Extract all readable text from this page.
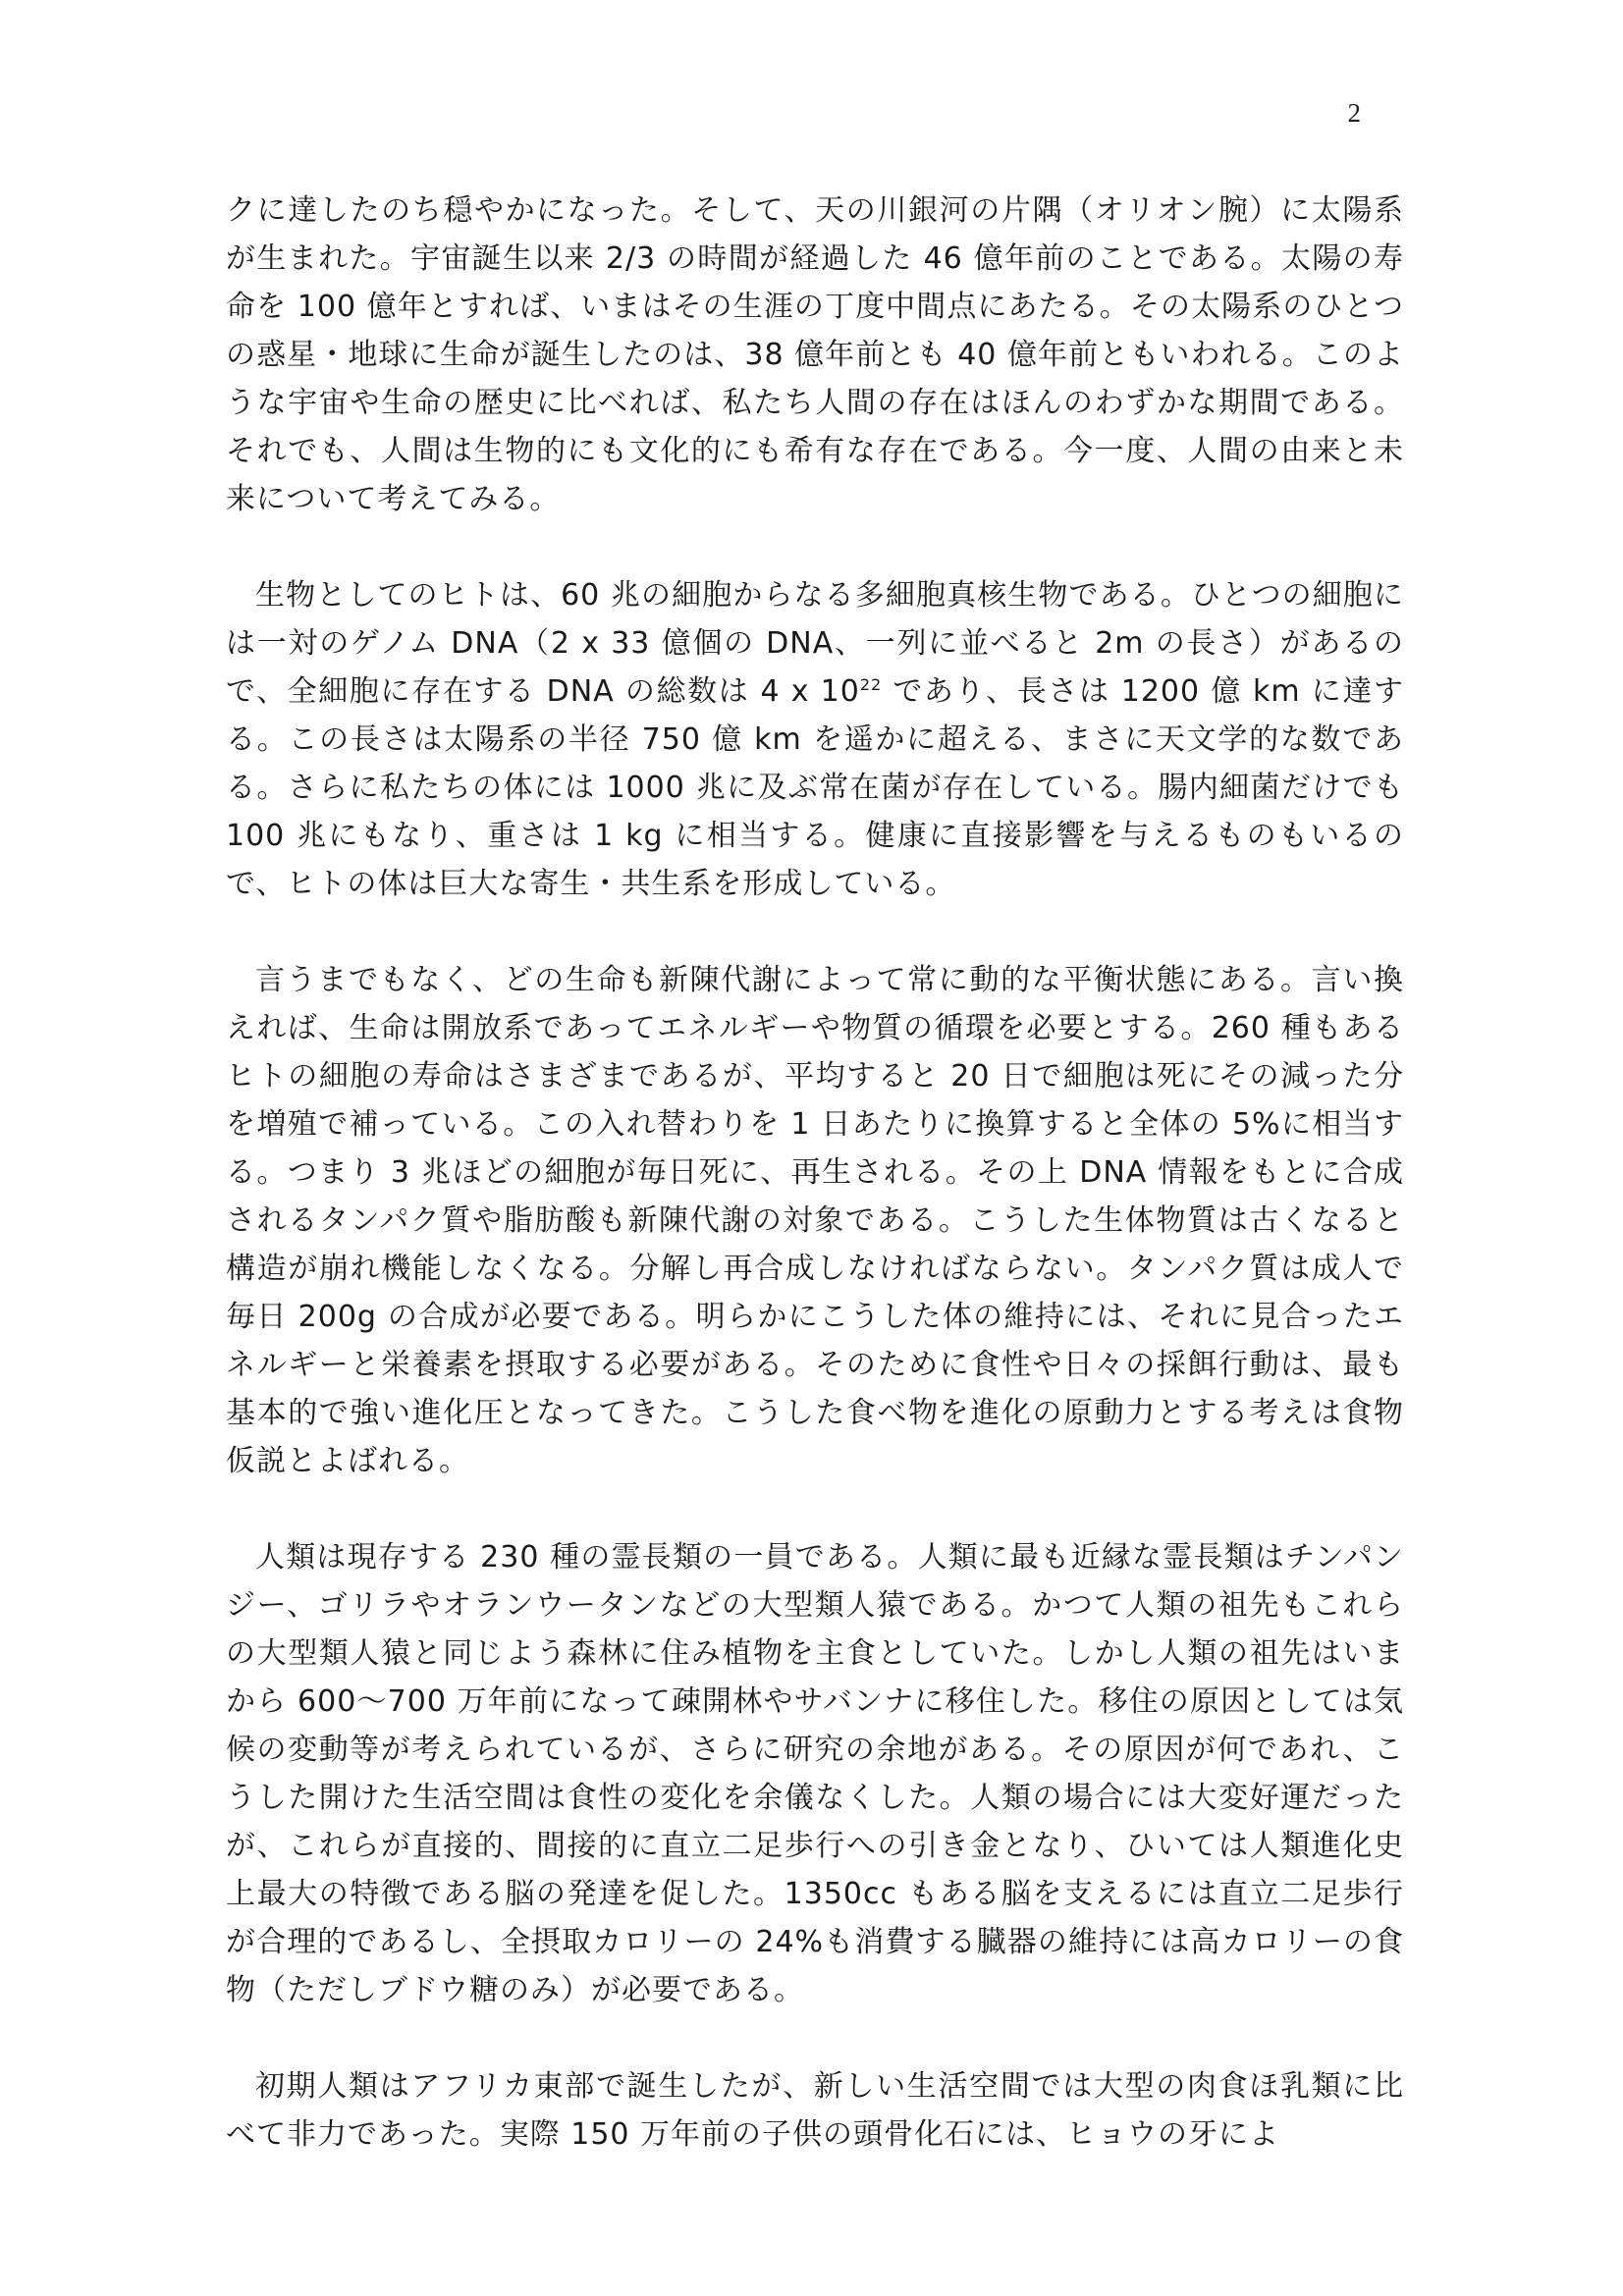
2

クに達したのち穏やかになった。そして、天の川銀河の片隅（オリオン腕）に太陽系が生まれた。宇宙誕生以来 2/3 の時間が経過した 46 億年前のことである。太陽の寿命を 100 億年とすれば、いまはその生涯の丁度中間点にあたる。その太陽系のひとつの惑星・地球に生命が誕生したのは、38 億年前とも 40 億年前ともいわれる。このような宇宙や生命の歴史に比べれば、私たち人間の存在はほんのわずかな期間である。それでも、人間は生物的にも文化的にも希有な存在である。今一度、人間の由来と未来について考えてみる。

生物としてのヒトは、60 兆の細胞からなる多細胞真核生物である。ひとつの細胞には一対のゲノム DNA（2 x 33 億個の DNA、一列に並べると 2m の長さ）があるので、全細胞に存在する DNA の総数は 4 x $10^{22}$ であり、長さは 1200 億 km に達する。この長さは太陽系の半径 750 億 km を遥かに超える、まさに天文学的な数である。さらに私たちの体には 1000 兆に及ぶ常在菌が存在している。腸内細菌だけでも 100 兆にもなり、重さは 1 kg に相当する。健康に直接影響を与えるものもいるので、ヒトの体は巨大な寄生・共生系を形成している。

言うまでもなく、どの生命も新陳代謝によって常に動的な平衡状態にある。言い換えれば、生命は開放系であってエネルギーや物質の循環を必要とする。260 種もあるヒトの細胞の寿命はさまざまであるが、平均すると 20 日で細胞は死にその減った分を増殖で補っている。この入れ替わりを 1 日あたりに換算すると全体の 5%に相当する。つまり 3 兆ほどの細胞が毎日死に、再生される。その上 DNA 情報をもとに合成されるタンパク質や脂肪酸も新陳代謝の対象である。こうした生体物質は古くなると構造が崩れ機能しなくなる。分解し再合成しなければならない。タンパク質は成人で毎日 200g の合成が必要である。明らかにこうした体の維持には、それに見合ったエネルギーと栄養素を摂取する必要がある。そのために食性や日々の採餌行動は、最も基本的で強い進化圧となってきた。こうした食べ物を進化の原動力とする考えは食物仮説とよばれる。

人類は現存する 230 種の霊長類の一員である。人類に最も近縁な霊長類はチンパンジー、ゴリラやオランウータンなどの大型類人猿である。かつて人類の祖先もこれらの大型類人猿と同じよう森林に住み植物を主食としていた。しかし人類の祖先はいまから 600〜700 万年前になって疎開林やサバンナに移住した。移住の原因としては気候の変動等が考えられているが、さらに研究の余地がある。その原因が何であれ、こうした開けた生活空間は食性の変化を余儀なくした。人類の場合には大変好運だったが、これらが直接的、間接的に直立二足歩行への引き金となり、ひいては人類進化史上最大の特徴である脳の発達を促した。1350cc もある脳を支えるには直立二足歩行が合理的であるし、全摂取カロリーの 24%も消費する臓器の維持には高カロリーの食物（ただしブドウ糖のみ）が必要である。

初期人類はアフリカ東部で誕生したが、新しい生活空間では大型の肉食ほ乳類に比べて非力であった。実際 150 万年前の子供の頭骨化石には、ヒョウの牙によ
